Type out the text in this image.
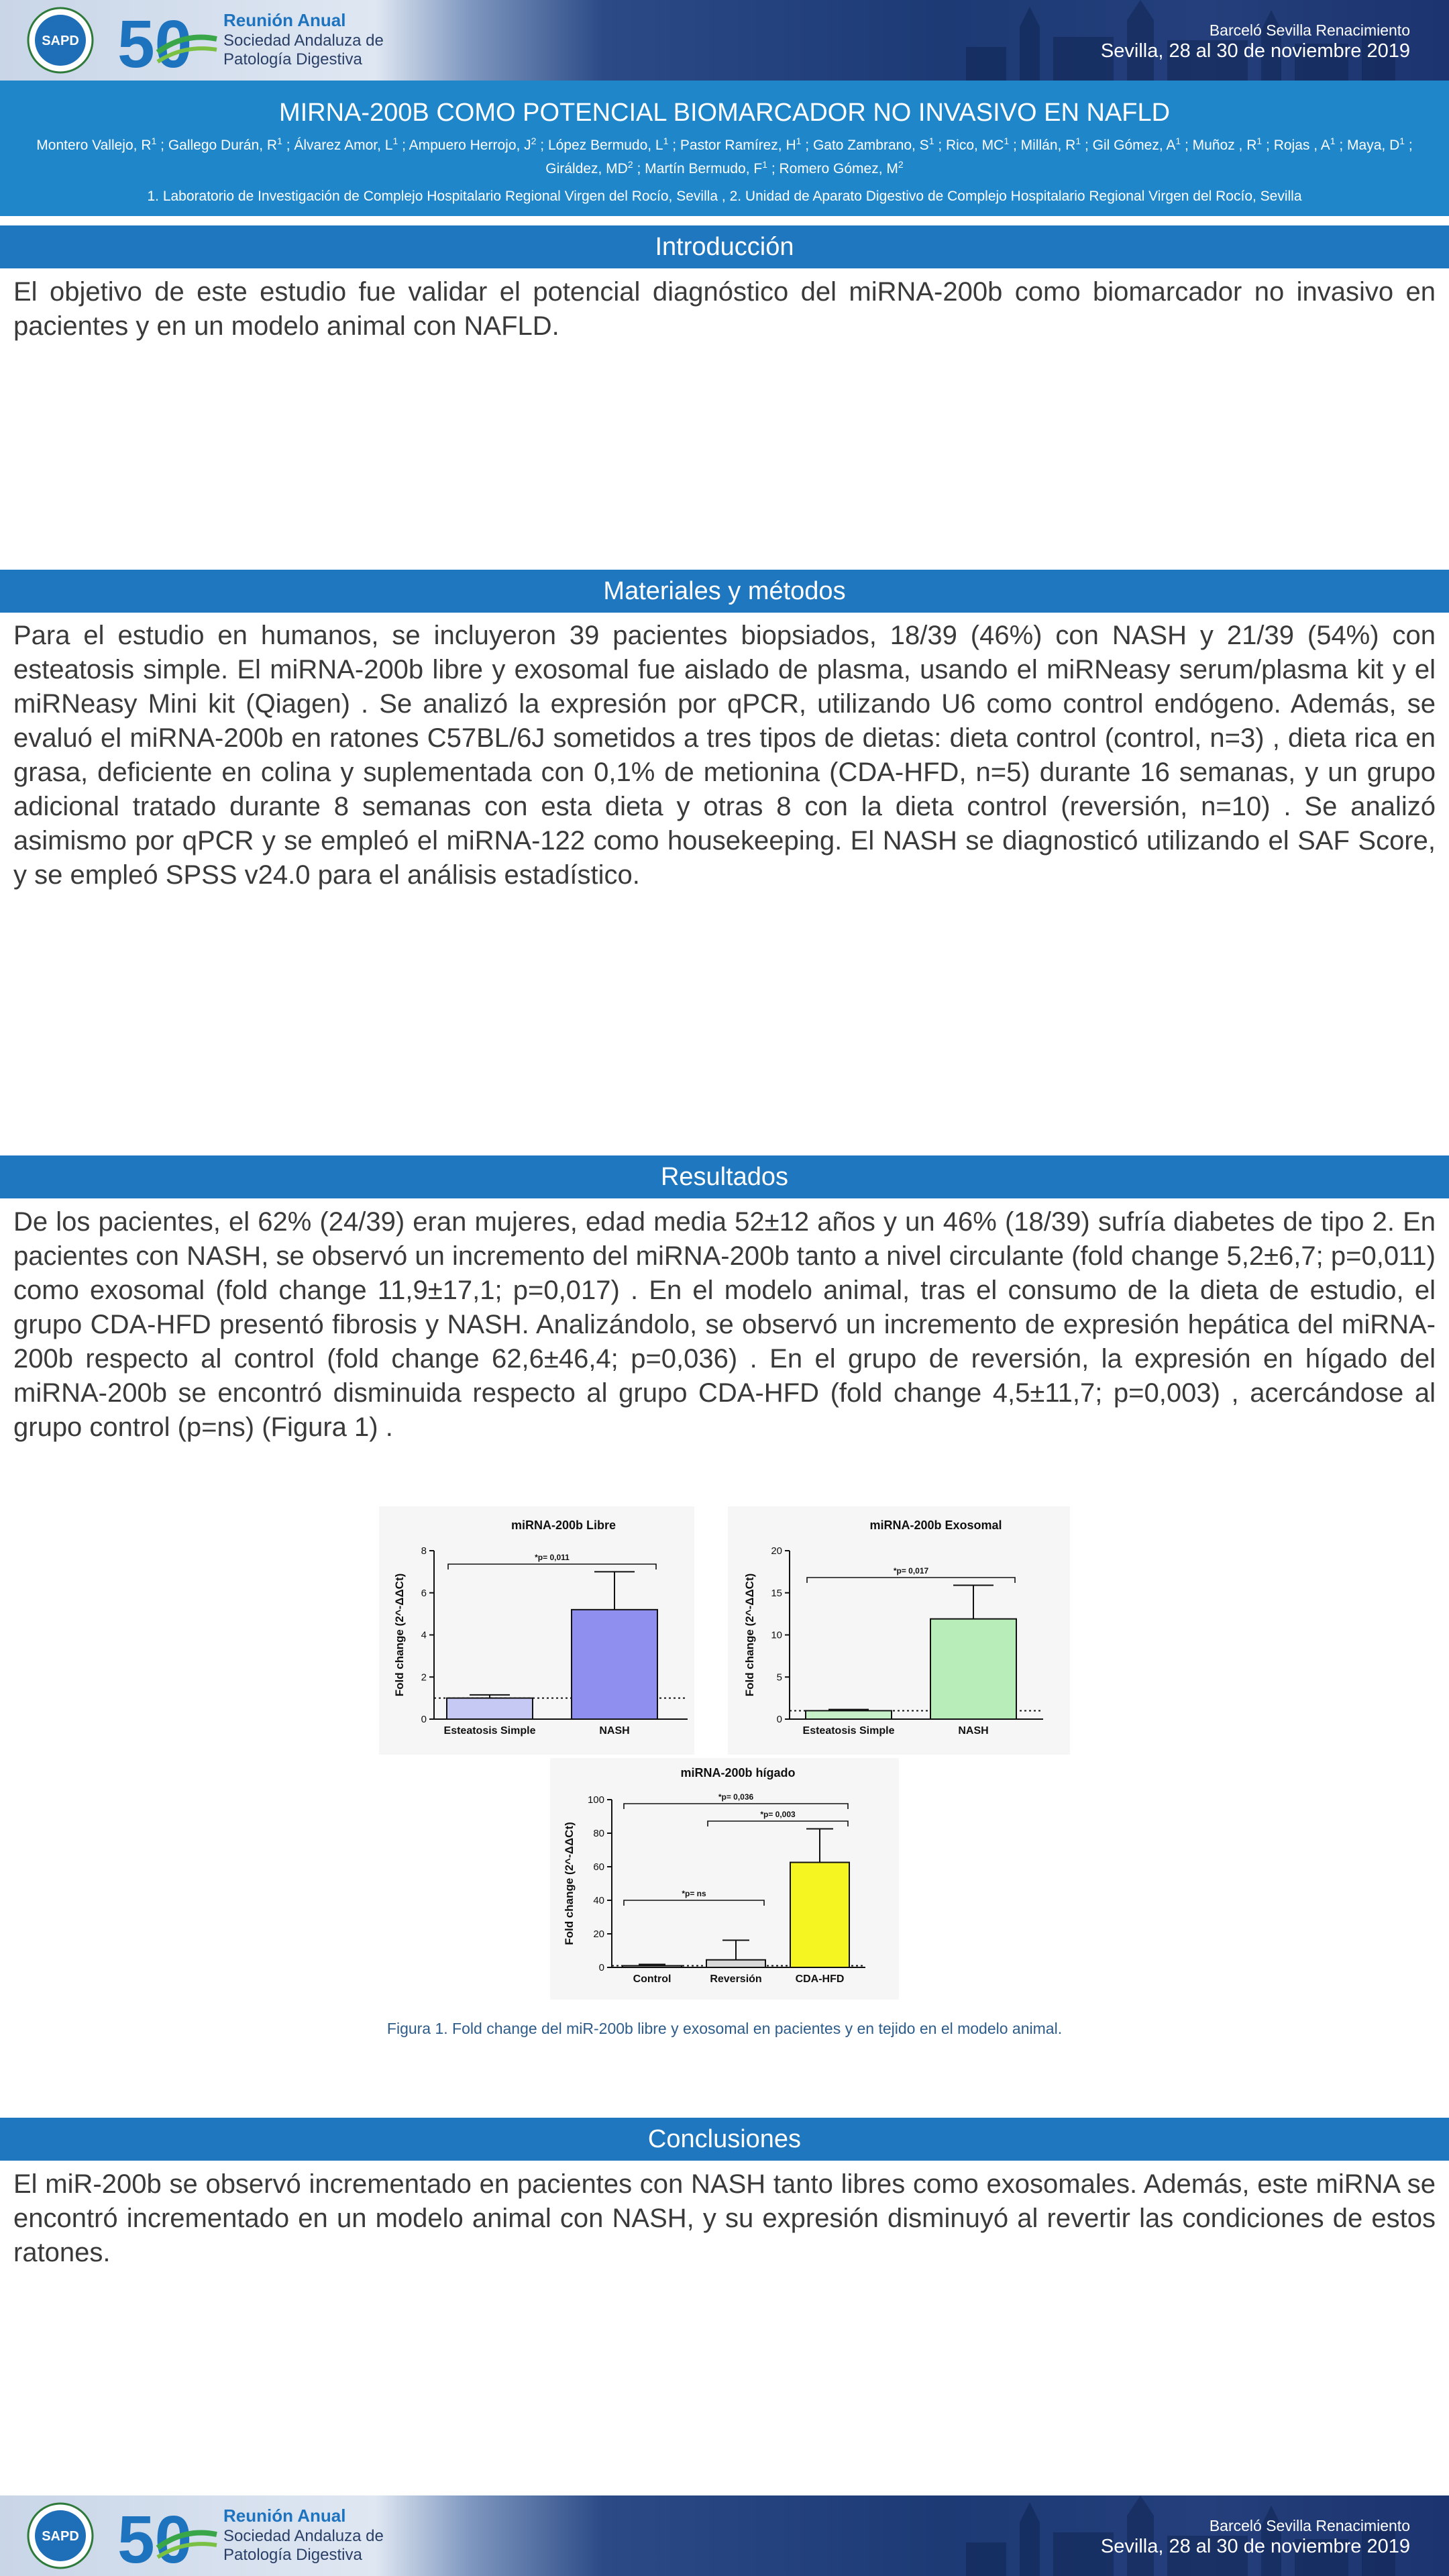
SAPD 50 Reunión Anual
Sociedad Andaluza de
Patología Digestiva
Barceló Sevilla Renacimiento
Sevilla, 28 al 30 de noviembre 2019
MIRNA-200B COMO POTENCIAL BIOMARCADOR NO INVASIVO EN NAFLD
Montero Vallejo, $R^1$ ; Gallego Durán, $R^1$ ; Álvarez Amor, $L^1$ ; Ampuero Herrojo, $J^2$ ; López Bermudo, $L^1$ ; Pastor Ramírez, $H^1$ ; Gato Zambrano, $S^1$ ; Rico, $MC^1$ ; Millán, $R^1$ ; Gil Gómez, $A^1$ ; Muñoz , $R^1$ ; Rojas , $A^1$ ; Maya, $D^1$ ; Giráldez, $MD^2$ ; Martín Bermudo, $F^1$ ; Romero Gómez, $M^2$
1. Laboratorio de Investigación de Complejo Hospitalario Regional Virgen del Rocío, Sevilla , 2. Unidad de Aparato Digestivo de Complejo Hospitalario Regional Virgen del Rocío, Sevilla
Introducción
El objetivo de este estudio fue validar el potencial diagnóstico del miRNA-200b como biomarcador no invasivo en pacientes y en un modelo animal con NAFLD.
Materiales y métodos
Para el estudio en humanos, se incluyeron 39 pacientes biopsiados, 18/39 (46%) con NASH y 21/39 (54%) con esteatosis simple. El miRNA-200b libre y exosomal fue aislado de plasma, usando el miRNeasy serum/plasma kit y el miRNeasy Mini kit (Qiagen) . Se analizó la expresión por qPCR, utilizando U6 como control endógeno. Además, se evaluó el miRNA-200b en ratones C57BL/6J sometidos a tres tipos de dietas: dieta control (control, n=3) , dieta rica en grasa, deficiente en colina y suplementada con 0,1% de metionina (CDA-HFD, n=5) durante 16 semanas, y un grupo adicional tratado durante 8 semanas con esta dieta y otras 8 con la dieta control (reversión, n=10) . Se analizó asimismo por qPCR y se empleó el miRNA-122 como housekeeping. El NASH se diagnosticó utilizando el SAF Score, y se empleó SPSS v24.0 para el análisis estadístico.
Resultados
De los pacientes, el 62% (24/39) eran mujeres, edad media 52±12 años y un 46% (18/39) sufría diabetes de tipo 2. En pacientes con NASH, se observó un incremento del miRNA-200b tanto a nivel circulante (fold change 5,2±6,7; p=0,011) como exosomal (fold change 11,9±17,1; p=0,017) . En el modelo animal, tras el consumo de la dieta de estudio, el grupo CDA-HFD presentó fibrosis y NASH. Analizándolo, se observó un incremento de expresión hepática del miRNA-200b respecto al control (fold change 62,6±46,4; p=0,036) . En el grupo de reversión, la expresión en hígado del miRNA-200b se encontró disminuida respecto al grupo CDA-HFD (fold change 4,5±11,7; p=0,003) , acercándose al grupo control (p=ns) (Figura 1) .
miRNA-200b Libre
Fold change (2^-ΔΔCt)
0
2
4
6
8
Esteatosis Simple	NASH
*p= 0,011
miRNA-200b Exosomal
Fold change (2^-ΔΔCt)
0
5
10
15
20
Esteatosis Simple	NASH
*p= 0,017
miRNA-200b hígado
Fold change (2^-ΔΔCt)
0
20
40
60
80
100
Control	Reversión	CDA-HFD
*p= 0,036
*p= 0,003
*p= ns
Figura 1. Fold change del miR-200b libre y exosomal en pacientes y en tejido en el modelo animal.
Conclusiones
El miR-200b se observó incrementado en pacientes con NASH tanto libres como exosomales. Además, este miRNA se encontró incrementado en un modelo animal con NASH, y su expresión disminuyó al revertir las condiciones de estos ratones.
SAPD 50 Reunión Anual
Sociedad Andaluza de
Patología Digestiva
Barceló Sevilla Renacimiento
Sevilla, 28 al 30 de noviembre 2019
